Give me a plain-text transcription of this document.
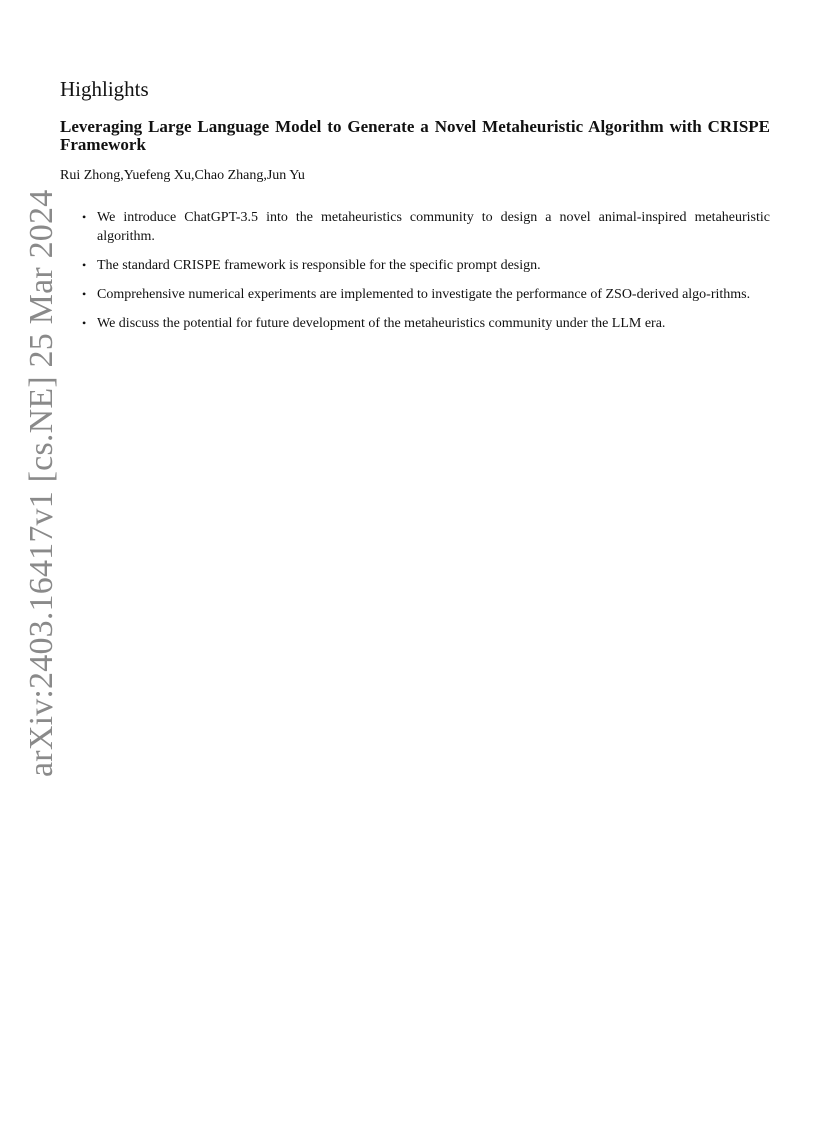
arXiv:2403.16417v1 [cs.NE] 25 Mar 2024
Highlights
Leveraging Large Language Model to Generate a Novel Metaheuristic Algorithm with CRISPE Framework
Rui Zhong,Yuefeng Xu,Chao Zhang,Jun Yu
• We introduce ChatGPT-3.5 into the metaheuristics community to design a novel animal-inspired metaheuristic algorithm.
• The standard CRISPE framework is responsible for the specific prompt design.
• Comprehensive numerical experiments are implemented to investigate the performance of ZSO-derived algo-rithms.
• We discuss the potential for future development of the metaheuristics community under the LLM era.
